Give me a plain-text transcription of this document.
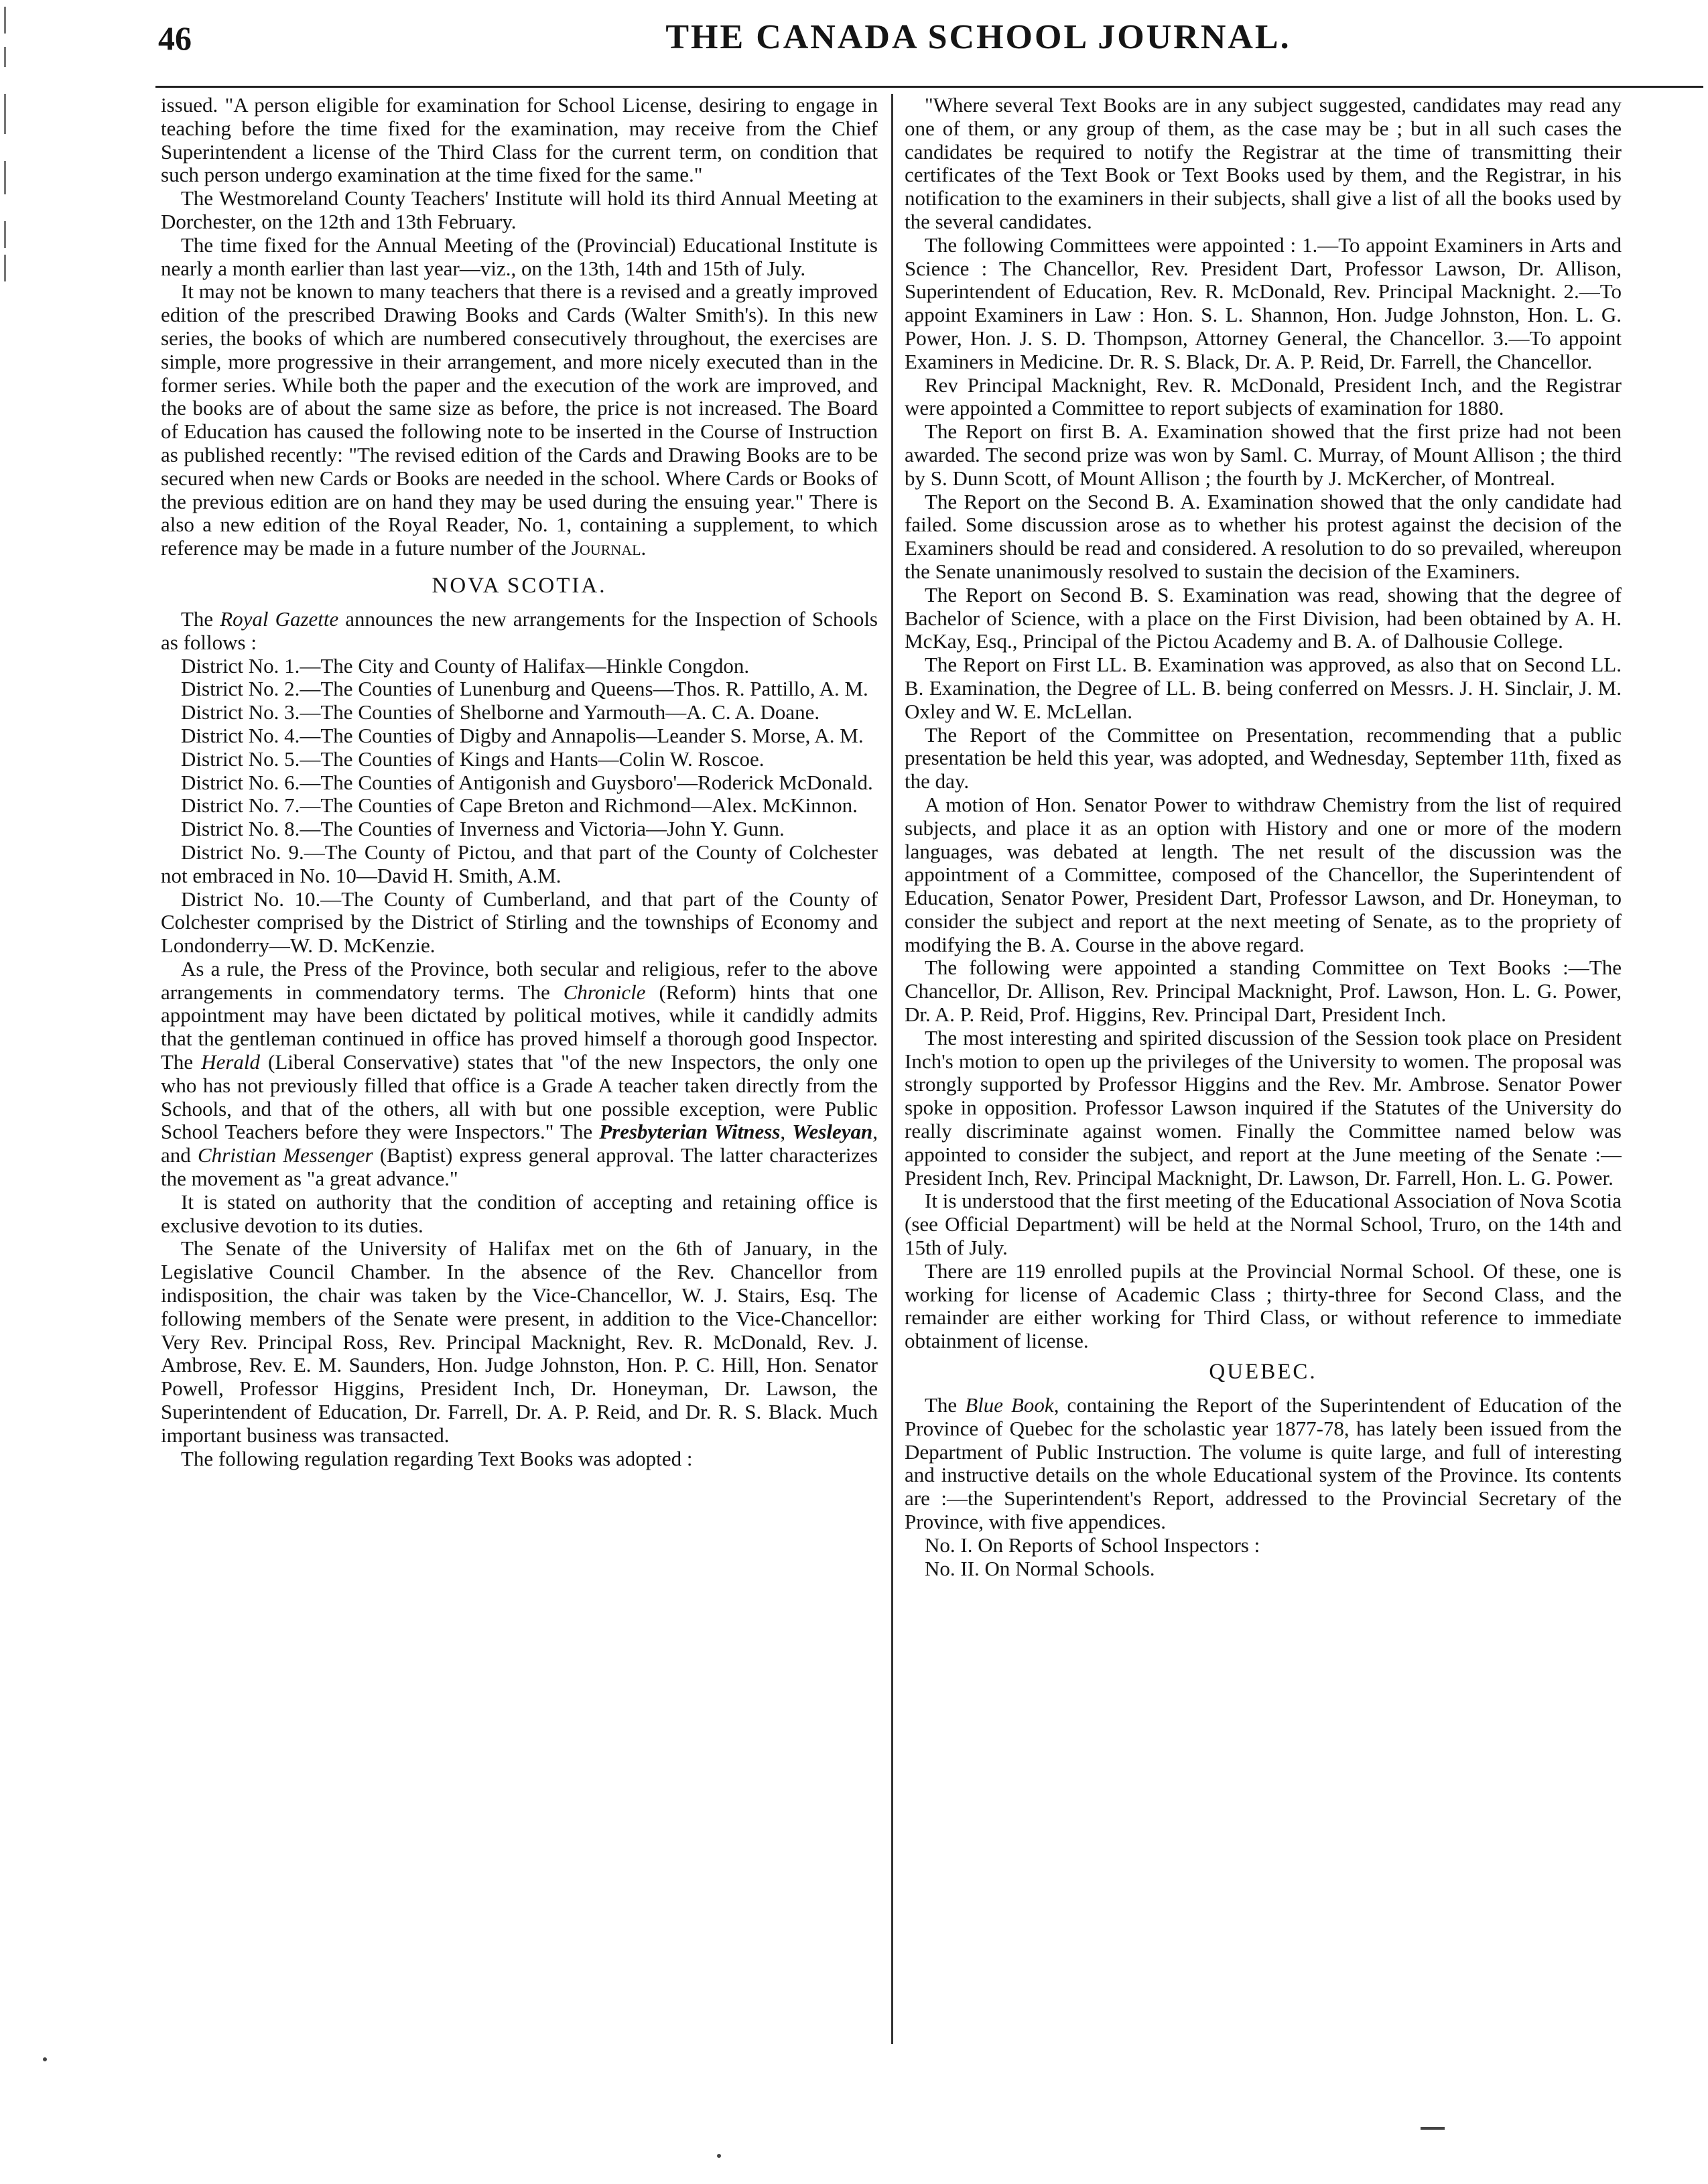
46	THE CANADA SCHOOL JOURNAL.

issued. "A person eligible for examination for School License, desiring to engage in teaching before the time fixed for the examination, may receive from the Chief Superintendent a license of the Third Class for the current term, on condition that such person undergo examination at the time fixed for the same."

The Westmoreland County Teachers' Institute will hold its third Annual Meeting at Dorchester, on the 12th and 13th February.

The time fixed for the Annual Meeting of the (Provincial) Educational Institute is nearly a month earlier than last year—viz., on the 13th, 14th and 15th of July.

It may not be known to many teachers that there is a revised and a greatly improved edition of the prescribed Drawing Books and Cards (Walter Smith's). In this new series, the books of which are numbered consecutively throughout, the exercises are simple, more progressive in their arrangement, and more nicely executed than in the former series. While both the paper and the execution of the work are improved, and the books are of about the same size as before, the price is not increased. The Board of Education has caused the following note to be inserted in the Course of Instruction as published recently: "The revised edition of the Cards and Drawing Books are to be secured when new Cards or Books are needed in the school. Where Cards or Books of the previous edition are on hand they may be used during the ensuing year." There is also a new edition of the Royal Reader, No. 1, containing a supplement, to which reference may be made in a future number of the Journal.

NOVA SCOTIA.

The Royal Gazette announces the new arrangements for the Inspection of Schools as follows :

District No. 1.—The City and County of Halifax—Hinkle Congdon.

District No. 2.—The Counties of Lunenburg and Queens—Thos. R. Pattillo, A. M.

District No. 3.—The Counties of Shelborne and Yarmouth—A. C. A. Doane.

District No. 4.—The Counties of Digby and Annapolis—Leander S. Morse, A. M.

District No. 5.—The Counties of Kings and Hants—Colin W. Roscoe.

District No. 6.—The Counties of Antigonish and Guysboro'—Roderick McDonald.

District No. 7.—The Counties of Cape Breton and Richmond—Alex. McKinnon.

District No. 8.—The Counties of Inverness and Victoria—John Y. Gunn.

District No. 9.—The County of Pictou, and that part of the County of Colchester not embraced in No. 10—David H. Smith, A.M.

District No. 10.—The County of Cumberland, and that part of the County of Colchester comprised by the District of Stirling and the townships of Economy and Londonderry—W. D. McKenzie.

As a rule, the Press of the Province, both secular and religious, refer to the above arrangements in commendatory terms. The Chronicle (Reform) hints that one appointment may have been dictated by political motives, while it candidly admits that the gentleman continued in office has proved himself a thorough good Inspector. The Herald (Liberal Conservative) states that "of the new Inspectors, the only one who has not previously filled that office is a Grade A teacher taken directly from the Schools, and that of the others, all with but one possible exception, were Public School Teachers before they were Inspectors." The Presbyterian Witness, Wesleyan, and Christian Messenger (Baptist) express general approval. The latter characterizes the movement as "a great advance."

It is stated on authority that the condition of accepting and retaining office is exclusive devotion to its duties.

The Senate of the University of Halifax met on the 6th of January, in the Legislative Council Chamber. In the absence of the Rev. Chancellor from indisposition, the chair was taken by the Vice-Chancellor, W. J. Stairs, Esq. The following members of the Senate were present, in addition to the Vice-Chancellor: Very Rev. Principal Ross, Rev. Principal Macknight, Rev. R. McDonald, Rev. J. Ambrose, Rev. E. M. Saunders, Hon. Judge Johnston, Hon. P. C. Hill, Hon. Senator Powell, Professor Higgins, President Inch, Dr. Honeyman, Dr. Lawson, the Superintendent of Education, Dr. Farrell, Dr. A. P. Reid, and Dr. R. S. Black. Much important business was transacted.

The following regulation regarding Text Books was adopted :

"Where several Text Books are in any subject suggested, candidates may read any one of them, or any group of them, as the case may be ; but in all such cases the candidates be required to notify the Registrar at the time of transmitting their certificates of the Text Book or Text Books used by them, and the Registrar, in his notification to the examiners in their subjects, shall give a list of all the books used by the several candidates.

The following Committees were appointed : 1.—To appoint Examiners in Arts and Science : The Chancellor, Rev. President Dart, Professor Lawson, Dr. Allison, Superintendent of Education, Rev. R. McDonald, Rev. Principal Macknight. 2.—To appoint Examiners in Law : Hon. S. L. Shannon, Hon. Judge Johnston, Hon. L. G. Power, Hon. J. S. D. Thompson, Attorney General, the Chancellor. 3.—To appoint Examiners in Medicine. Dr. R. S. Black, Dr. A. P. Reid, Dr. Farrell, the Chancellor.

Rev Principal Macknight, Rev. R. McDonald, President Inch, and the Registrar were appointed a Committee to report subjects of examination for 1880.

The Report on first B. A. Examination showed that the first prize had not been awarded. The second prize was won by Saml. C. Murray, of Mount Allison ; the third by S. Dunn Scott, of Mount Allison ; the fourth by J. McKercher, of Montreal.

The Report on the Second B. A. Examination showed that the only candidate had failed. Some discussion arose as to whether his protest against the decision of the Examiners should be read and considered. A resolution to do so prevailed, whereupon the Senate unanimously resolved to sustain the decision of the Examiners.

The Report on Second B. S. Examination was read, showing that the degree of Bachelor of Science, with a place on the First Division, had been obtained by A. H. McKay, Esq., Principal of the Pictou Academy and B. A. of Dalhousie College.

The Report on First LL. B. Examination was approved, as also that on Second LL. B. Examination, the Degree of LL. B. being conferred on Messrs. J. H. Sinclair, J. M. Oxley and W. E. McLellan.

The Report of the Committee on Presentation, recommending that a public presentation be held this year, was adopted, and Wednesday, September 11th, fixed as the day.

A motion of Hon. Senator Power to withdraw Chemistry from the list of required subjects, and place it as an option with History and one or more of the modern languages, was debated at length. The net result of the discussion was the appointment of a Committee, composed of the Chancellor, the Superintendent of Education, Senator Power, President Dart, Professor Lawson, and Dr. Honeyman, to consider the subject and report at the next meeting of Senate, as to the propriety of modifying the B. A. Course in the above regard.

The following were appointed a standing Committee on Text Books :—The Chancellor, Dr. Allison, Rev. Principal Macknight, Prof. Lawson, Hon. L. G. Power, Dr. A. P. Reid, Prof. Higgins, Rev. Principal Dart, President Inch.

The most interesting and spirited discussion of the Session took place on President Inch's motion to open up the privileges of the University to women. The proposal was strongly supported by Professor Higgins and the Rev. Mr. Ambrose. Senator Power spoke in opposition. Professor Lawson inquired if the Statutes of the University do really discriminate against women. Finally the Committee named below was appointed to consider the subject, and report at the June meeting of the Senate :—President Inch, Rev. Principal Macknight, Dr. Lawson, Dr. Farrell, Hon. L. G. Power.

It is understood that the first meeting of the Educational Association of Nova Scotia (see Official Department) will be held at the Normal School, Truro, on the 14th and 15th of July.

There are 119 enrolled pupils at the Provincial Normal School. Of these, one is working for license of Academic Class ; thirty-three for Second Class, and the remainder are either working for Third Class, or without reference to immediate obtainment of license.

QUEBEC.

The Blue Book, containing the Report of the Superintendent of Education of the Province of Quebec for the scholastic year 1877-78, has lately been issued from the Department of Public Instruction. The volume is quite large, and full of interesting and instructive details on the whole Educational system of the Province. Its contents are :—the Superintendent's Report, addressed to the Provincial Secretary of the Province, with five appendices.

No. I. On Reports of School Inspectors :

No. II. On Normal Schools.
